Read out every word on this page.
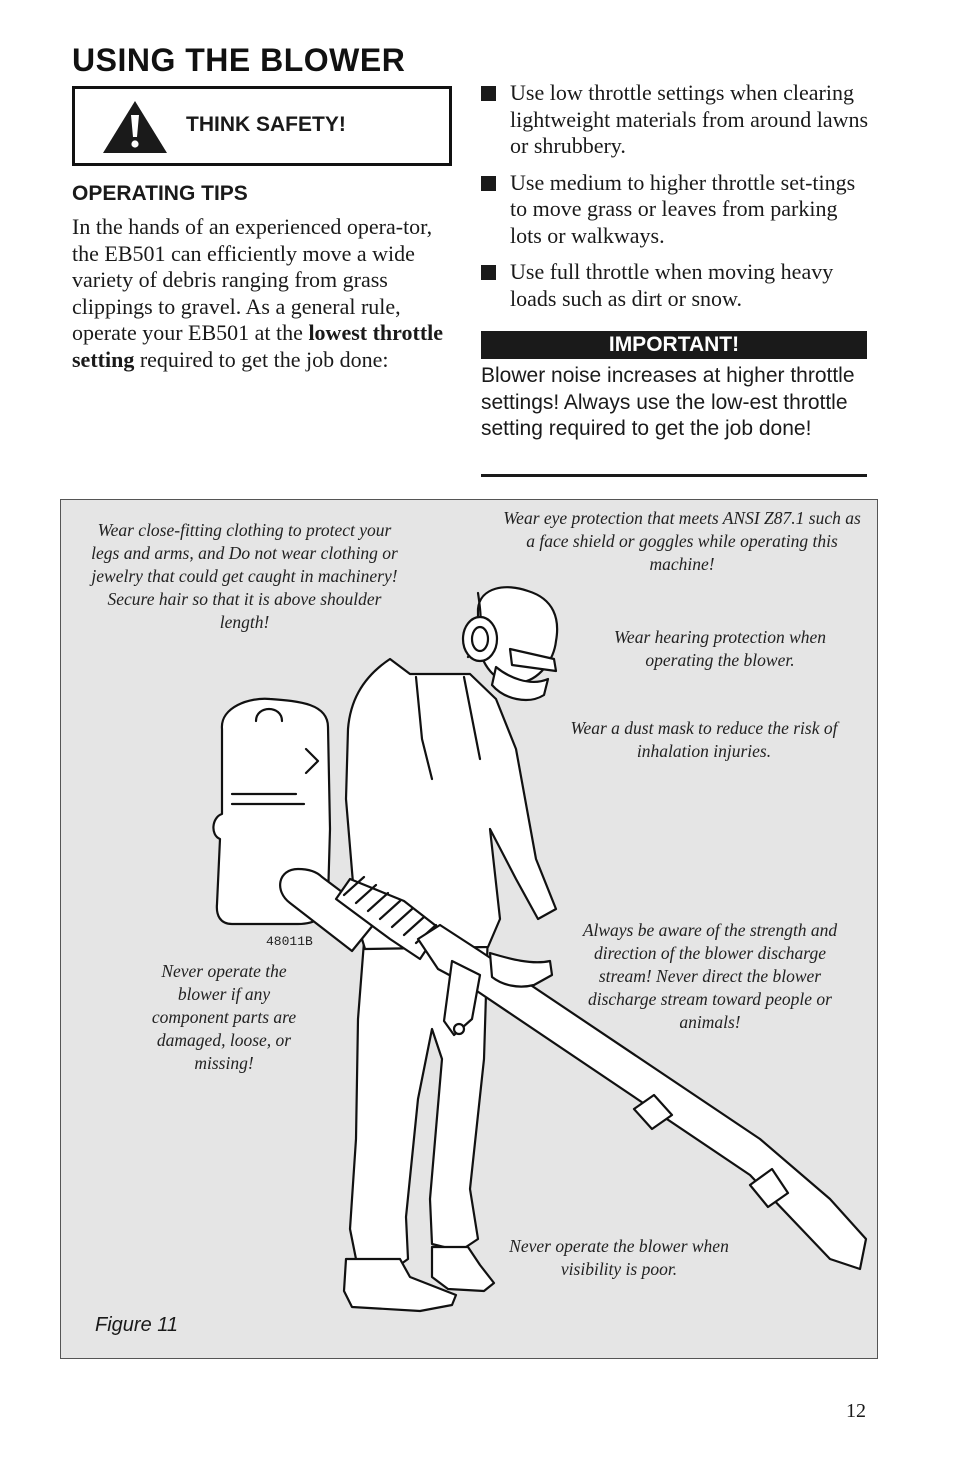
USING THE BLOWER
THINK SAFETY!
OPERATING TIPS
In the hands of an experienced opera-tor, the EB501 can efficiently move a wide variety of debris ranging from grass clippings to gravel. As a general rule, operate your EB501 at the lowest throttle setting required to get the job done:
Use low throttle settings when clearing lightweight materials from around lawns or shrubbery.
Use medium to higher throttle set-tings to move grass or leaves from parking lots or walkways.
Use full throttle when moving heavy loads such as dirt or snow.
IMPORTANT!
Blower noise increases at higher throttle settings! Always use the low-est throttle setting required to get the job done!
Wear close-fitting clothing to protect your legs and arms, and Do not wear clothing or jewelry that could get caught in machinery! Secure hair so that it is above shoulder length!
Wear eye protection that meets ANSI Z87.1 such as a face shield or goggles while operating this machine!
Wear hearing protection when operating the blower.
Wear a dust mask to reduce the risk of inhalation injuries.
Always be aware of the strength and direction of the blower discharge stream! Never direct the blower discharge stream toward people or animals!
Never operate the blower if any component parts are damaged, loose, or missing!
Never operate the blower when visibility is poor.
48011B
Figure 11
12
